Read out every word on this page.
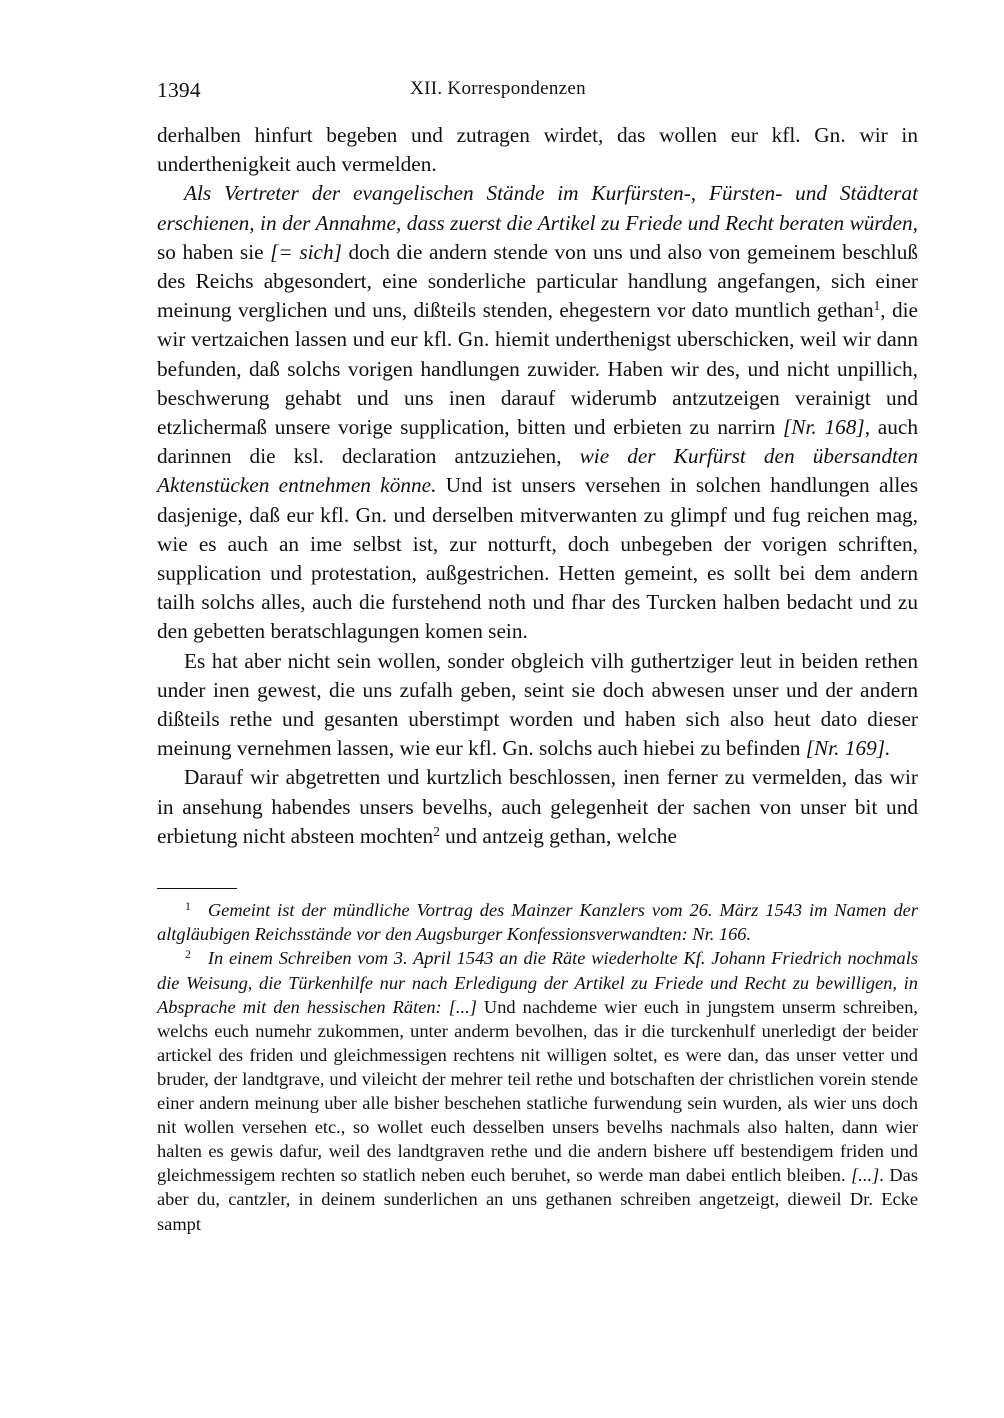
1394	XII. Korrespondenzen

derhalben hinfurt begeben und zutragen wirdet, das wollen eur kfl. Gn. wir in underthenigkeit auch vermelden.

Als Vertreter der evangelischen Stände im Kurfürsten-, Fürsten- und Städterat erschienen, in der Annahme, dass zuerst die Artikel zu Friede und Recht beraten würden, so haben sie [= sich] doch die andern stende von uns und also von gemeinem beschluß des Reichs abgesondert, eine sonderliche particular handlung angefangen, sich einer meinung verglichen und uns, dißteils stenden, ehegestern vor dato muntlich gethan$^1$, die wir vertzaichen lassen und eur kfl. Gn. hiemit underthenigst uberschicken, weil wir dann befunden, daß solchs vorigen handlungen zuwider. Haben wir des, und nicht unpillich, beschwerung gehabt und uns inen darauf widerumb antzutzeigen verainigt und etzlichermaß unsere vorige supplication, bitten und erbieten zu narrirn [Nr. 168], auch darinnen die ksl. declaration antzuziehen, wie der Kurfürst den übersandten Aktenstücken entnehmen könne. Und ist unsers versehen in solchen handlungen alles dasjenige, daß eur kfl. Gn. und derselben mitverwanten zu glimpf und fug reichen mag, wie es auch an ime selbst ist, zur notturft, doch unbegeben der vorigen schriften, supplication und protestation, außgestrichen. Hetten gemeint, es sollt bei dem andern tailh solchs alles, auch die furstehend noth und fhar des Turcken halben bedacht und zu den gebetten beratschlagungen komen sein.

Es hat aber nicht sein wollen, sonder obgleich vilh guthertziger leut in beiden rethen under inen gewest, die uns zufalh geben, seint sie doch abwesen unser und der andern dißteils rethe und gesanten uberstimpt worden und haben sich also heut dato dieser meinung vernehmen lassen, wie eur kfl. Gn. solchs auch hiebei zu befinden [Nr. 169].

Darauf wir abgetretten und kurtzlich beschlossen, inen ferner zu vermelden, das wir in ansehung habendes unsers bevelhs, auch gelegenheit der sachen von unser bit und erbietung nicht absteen mochten$^2$ und antzeig gethan, welche

$^1$ Gemeint ist der mündliche Vortrag des Mainzer Kanzlers vom 26. März 1543 im Namen der altgläubigen Reichsstände vor den Augsburger Konfessionsverwandten: Nr. 166.

$^2$ In einem Schreiben vom 3. April 1543 an die Räte wiederholte Kf. Johann Friedrich nochmals die Weisung, die Türkenhilfe nur nach Erledigung der Artikel zu Friede und Recht zu bewilligen, in Absprache mit den hessischen Räten: [...] Und nachdeme wier euch in jungstem unserm schreiben, welchs euch numehr zukommen, unter anderm bevolhen, das ir die turckenhulf unerledigt der beider artickel des friden und gleichmessigen rechtens nit willigen soltet, es were dan, das unser vetter und bruder, der landtgrave, und vileicht der mehrer teil rethe und botschaften der christlichen vorein stende einer andern meinung uber alle bisher beschehen statliche furwendung sein wurden, als wier uns doch nit wollen versehen etc., so wollet euch desselben unsers bevelhs nachmals also halten, dann wier halten es gewis dafur, weil des landtgraven rethe und die andern bishere uff bestendigem friden und gleichmessigem rechten so statlich neben euch beruhet, so werde man dabei entlich bleiben. [...]. Das aber du, cantzler, in deinem sunderlichen an uns gethanen schreiben angetzeigt, dieweil Dr. Ecke sampt
